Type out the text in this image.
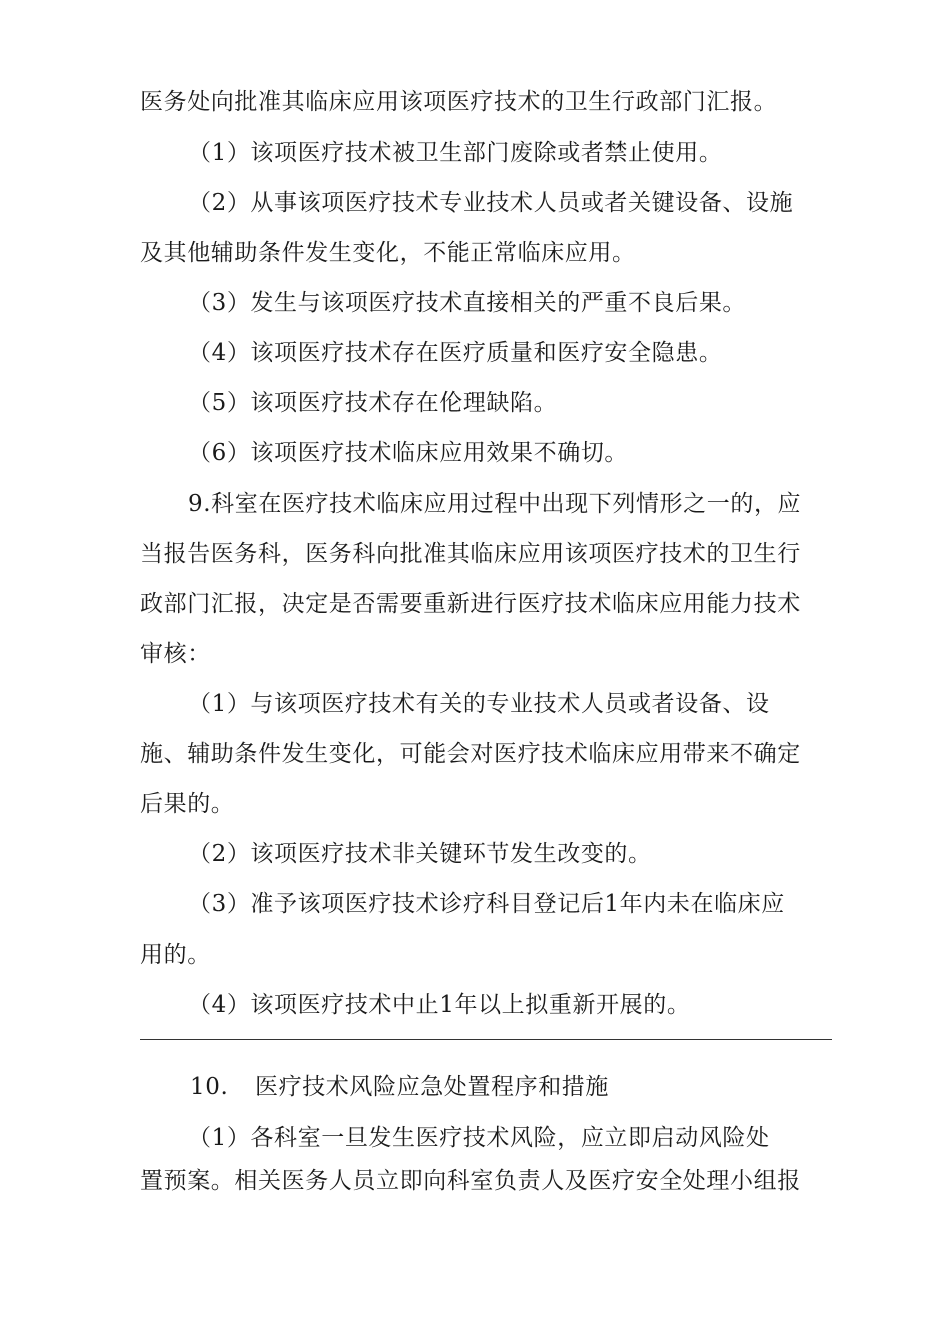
医务处向批准其临床应用该项医疗技术的卫生行政部门汇报。
（1）该项医疗技术被卫生部门废除或者禁止使用。
（2）从事该项医疗技术专业技术人员或者关键设备、设施
及其他辅助条件发生变化，不能正常临床应用。
（3）发生与该项医疗技术直接相关的严重不良后果。
（4）该项医疗技术存在医疗质量和医疗安全隐患。
（5）该项医疗技术存在伦理缺陷。
（6）该项医疗技术临床应用效果不确切。
9.科室在医疗技术临床应用过程中出现下列情形之一的，应
当报告医务科，医务科向批准其临床应用该项医疗技术的卫生行
政部门汇报，决定是否需要重新进行医疗技术临床应用能力技术
审核：
（1）与该项医疗技术有关的专业技术人员或者设备、设
施、辅助条件发生变化，可能会对医疗技术临床应用带来不确定
后果的。
（2）该项医疗技术非关键环节发生改变的。
（3）准予该项医疗技术诊疗科目登记后1年内未在临床应
用的。
（4）该项医疗技术中止1年以上拟重新开展的。
10. 医疗技术风险应急处置程序和措施
（1）各科室一旦发生医疗技术风险，应立即启动风险处
置预案。相关医务人员立即向科室负责人及医疗安全处理小组报
